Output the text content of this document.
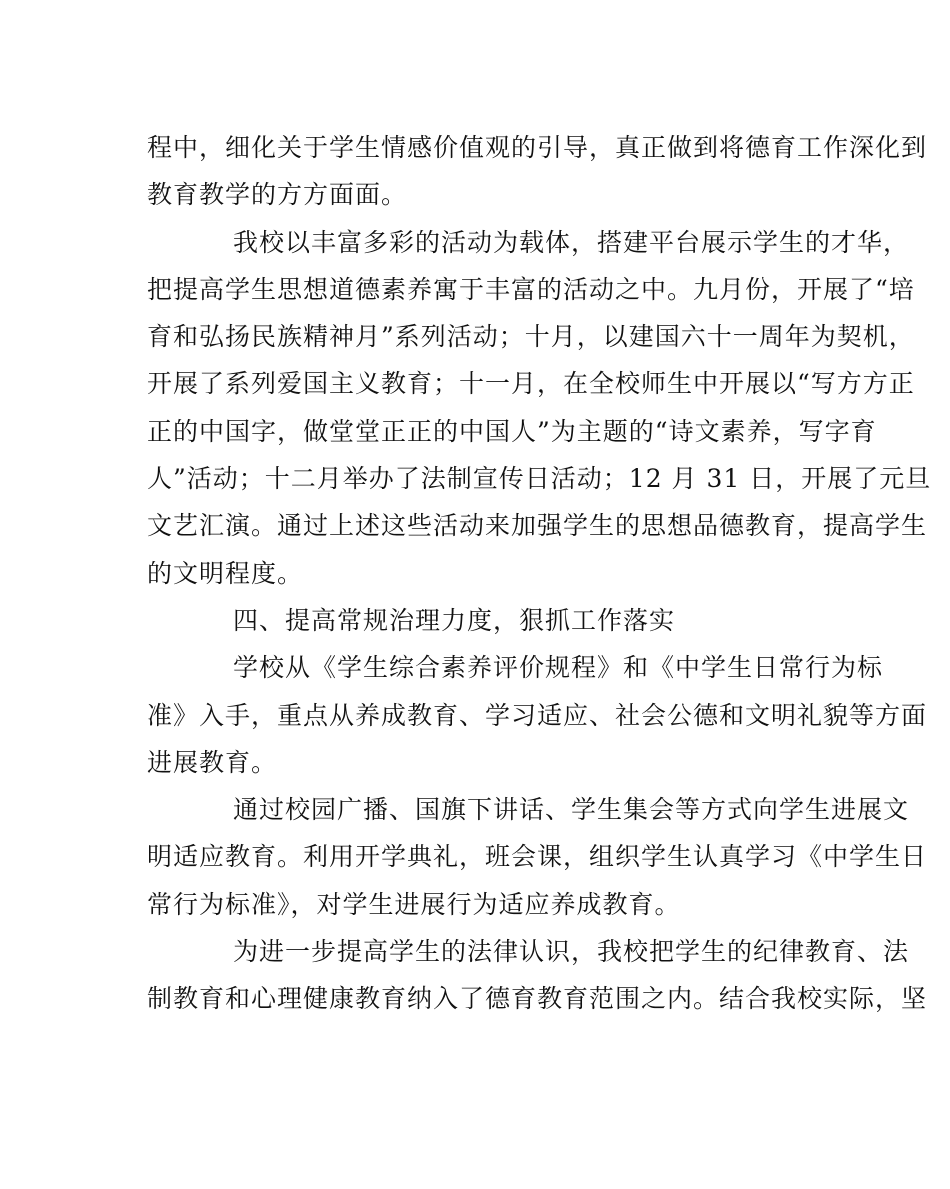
程中，细化关于学生情感价值观的引导，真正做到将德育工作深化到
教育教学的方方面面。
我校以丰富多彩的活动为载体，搭建平台展示学生的才华，
把提高学生思想道德素养寓于丰富的活动之中。九月份，开展了“培
育和弘扬民族精神月”系列活动；十月，以建国六十一周年为契机，
开展了系列爱国主义教育；十一月，在全校师生中开展以“写方方正
正的中国字，做堂堂正正的中国人”为主题的“诗文素养，写字育
人”活动；十二月举办了法制宣传日活动；12 月 31 日，开展了元旦
文艺汇演。通过上述这些活动来加强学生的思想品德教育，提高学生
的文明程度。
四、提高常规治理力度，狠抓工作落实
学校从《学生综合素养评价规程》和《中学生日常行为标
准》入手，重点从养成教育、学习适应、社会公德和文明礼貌等方面
进展教育。
通过校园广播、国旗下讲话、学生集会等方式向学生进展文
明适应教育。利用开学典礼，班会课，组织学生认真学习《中学生日
常行为标准》，对学生进展行为适应养成教育。
为进一步提高学生的法律认识，我校把学生的纪律教育、法
制教育和心理健康教育纳入了德育教育范围之内。结合我校实际，坚
